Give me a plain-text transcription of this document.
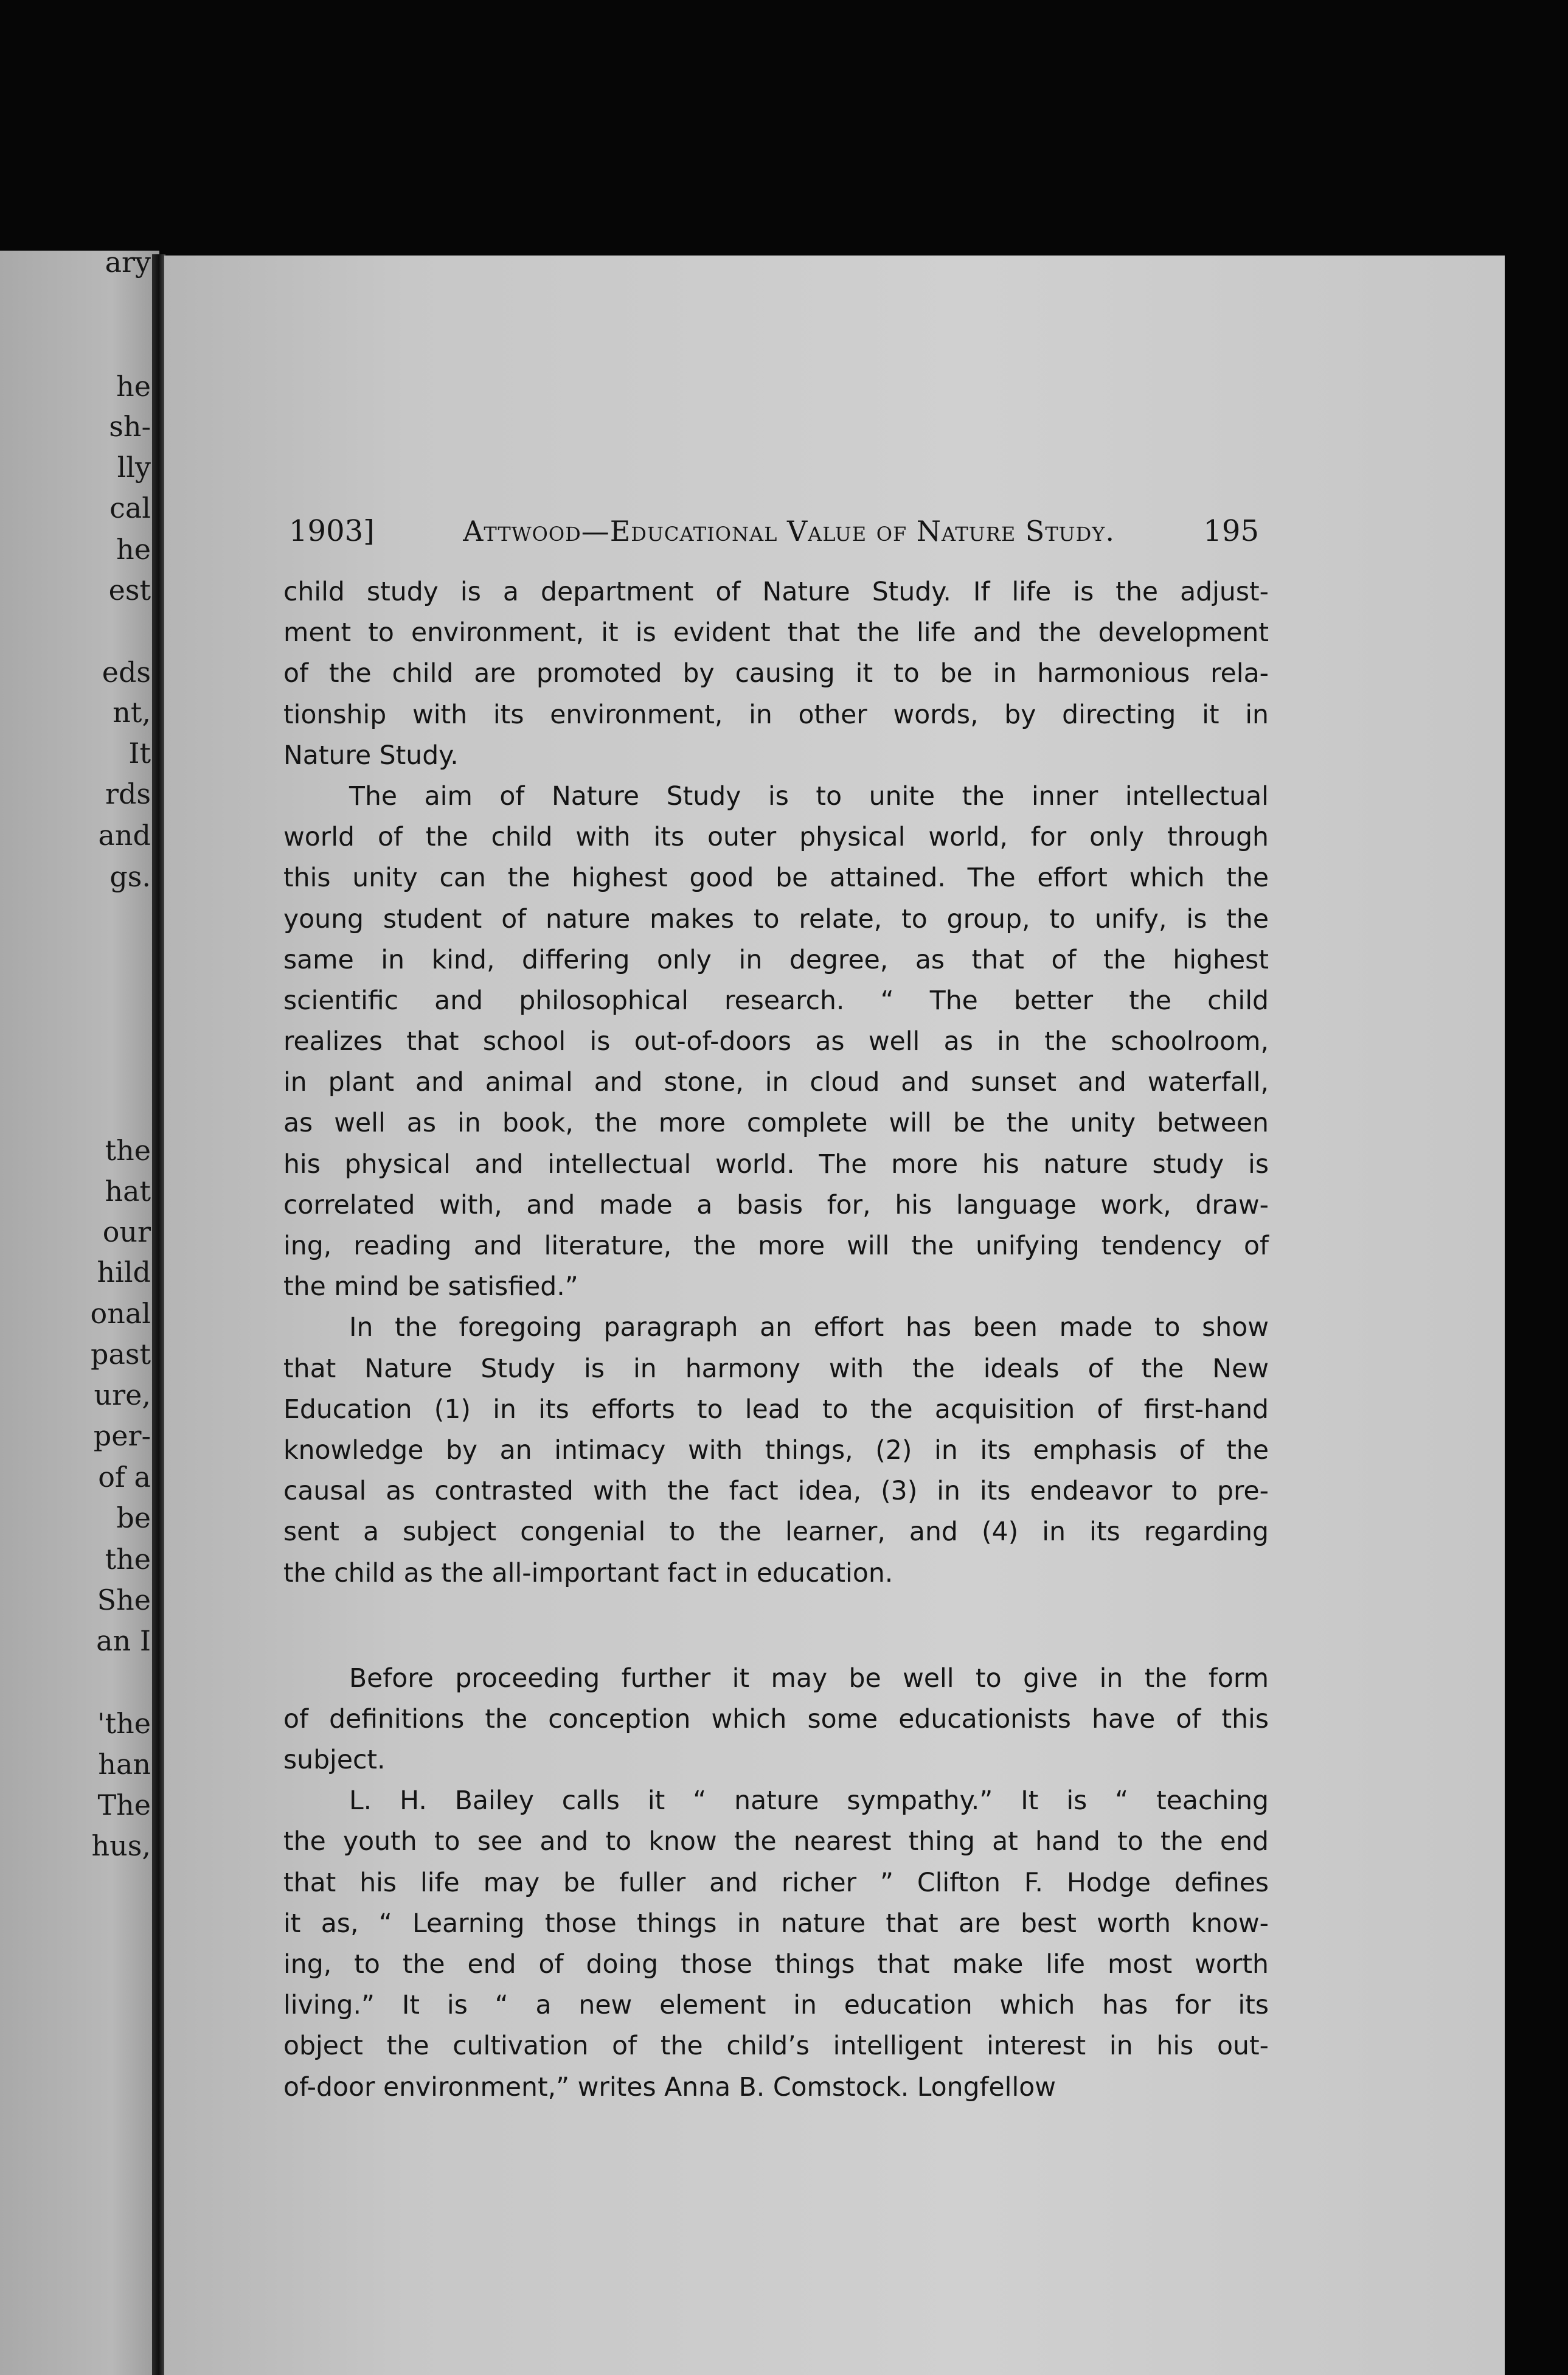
ary
he
sh-
lly
cal
he
est
eds
nt,
It
rds
and
gs.
the
hat
our
hild
onal
past
ure,
per-
of a
be
the
She
an I
'the
han
The
hus,
1903]	Attwood—Educational Value of Nature Study.	195
child study is a department of Nature Study. If life is the adjust-
ment to environment, it is evident that the life and the development
of the child are promoted by causing it to be in harmonious rela-
tionship with its environment, in other words, by directing it in
Nature Study.
The aim of Nature Study is to unite the inner intellectual
world of the child with its outer physical world, for only through
this unity can the highest good be attained. The effort which the
young student of nature makes to relate, to group, to unify, is the
same in kind, differing only in degree, as that of the highest
scientific and philosophical research. “ The better the child
realizes that school is out-of-doors as well as in the schoolroom,
in plant and animal and stone, in cloud and sunset and waterfall,
as well as in book, the more complete will be the unity between
his physical and intellectual world. The more his nature study is
correlated with, and made a basis for, his language work, draw-
ing, reading and literature, the more will the unifying tendency of
the mind be satisfied.”
In the foregoing paragraph an effort has been made to show
that Nature Study is in harmony with the ideals of the New
Education (1) in its efforts to lead to the acquisition of first-hand
knowledge by an intimacy with things, (2) in its emphasis of the
causal as contrasted with the fact idea, (3) in its endeavor to pre-
sent a subject congenial to the learner, and (4) in its regarding
the child as the all-important fact in education.
Before proceeding further it may be well to give in the form
of definitions the conception which some educationists have of this
subject.
L. H. Bailey calls it “ nature sympathy.” It is “ teaching
the youth to see and to know the nearest thing at hand to the end
that his life may be fuller and richer ” Clifton F. Hodge defines
it as, “ Learning those things in nature that are best worth know-
ing, to the end of doing those things that make life most worth
living.” It is “ a new element in education which has for its
object the cultivation of the child’s intelligent interest in his out-
of-door environment,” writes Anna B. Comstock. Longfellow
